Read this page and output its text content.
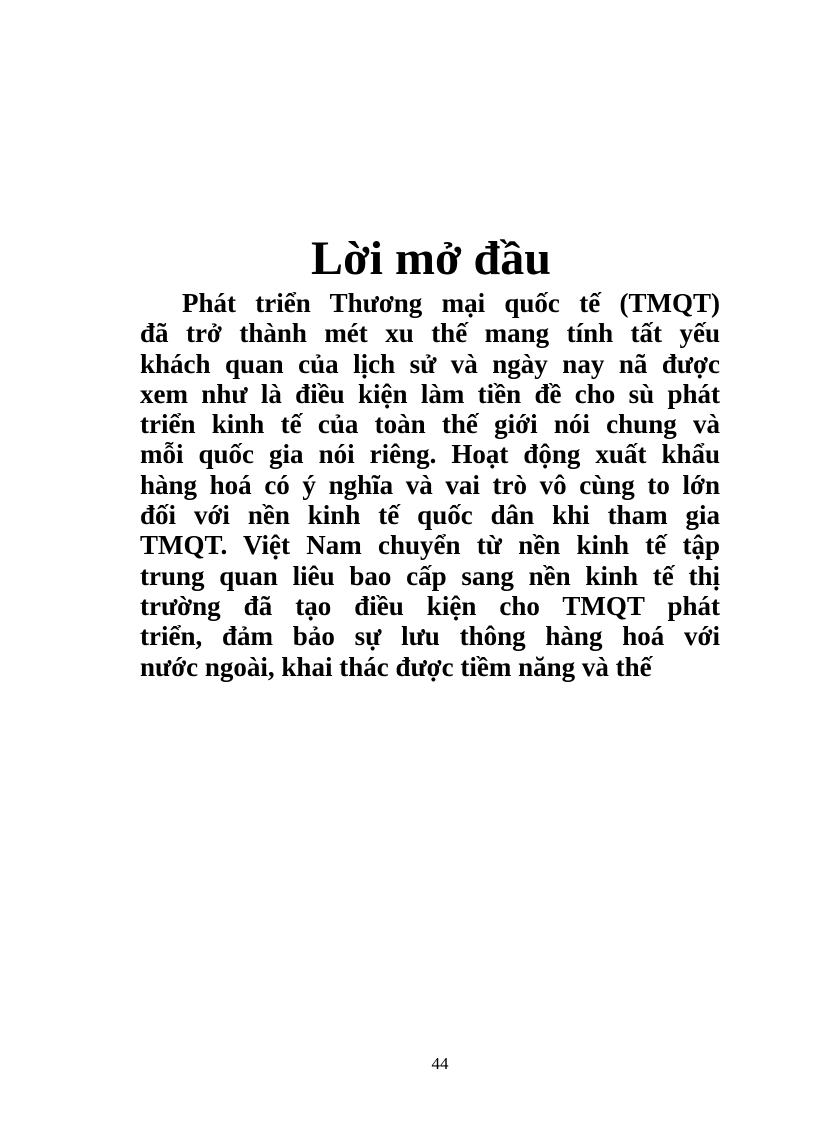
Lời mở đầu
Phát triển Thương mại quốc tế (TMQT)
đã trở thành mét xu thế mang tính tất yếu
khách quan của lịch sử và ngày nay nã được
xem như là điều kiện làm tiền đề cho sù phát
triển kinh tế của toàn thế giới nói chung và
mỗi quốc gia nói riêng. Hoạt động xuất khẩu
hàng hoá có ý nghĩa và vai trò vô cùng to lớn
đối với nền kinh tế quốc dân khi tham gia
TMQT. Việt Nam chuyển từ nền kinh tế tập
trung quan liêu bao cấp sang nền kinh tế thị
trường đã tạo điều kiện cho TMQT phát
triển, đảm bảo sự lưu thông hàng hoá với
nước ngoài, khai thác được tiềm năng và thế
44
